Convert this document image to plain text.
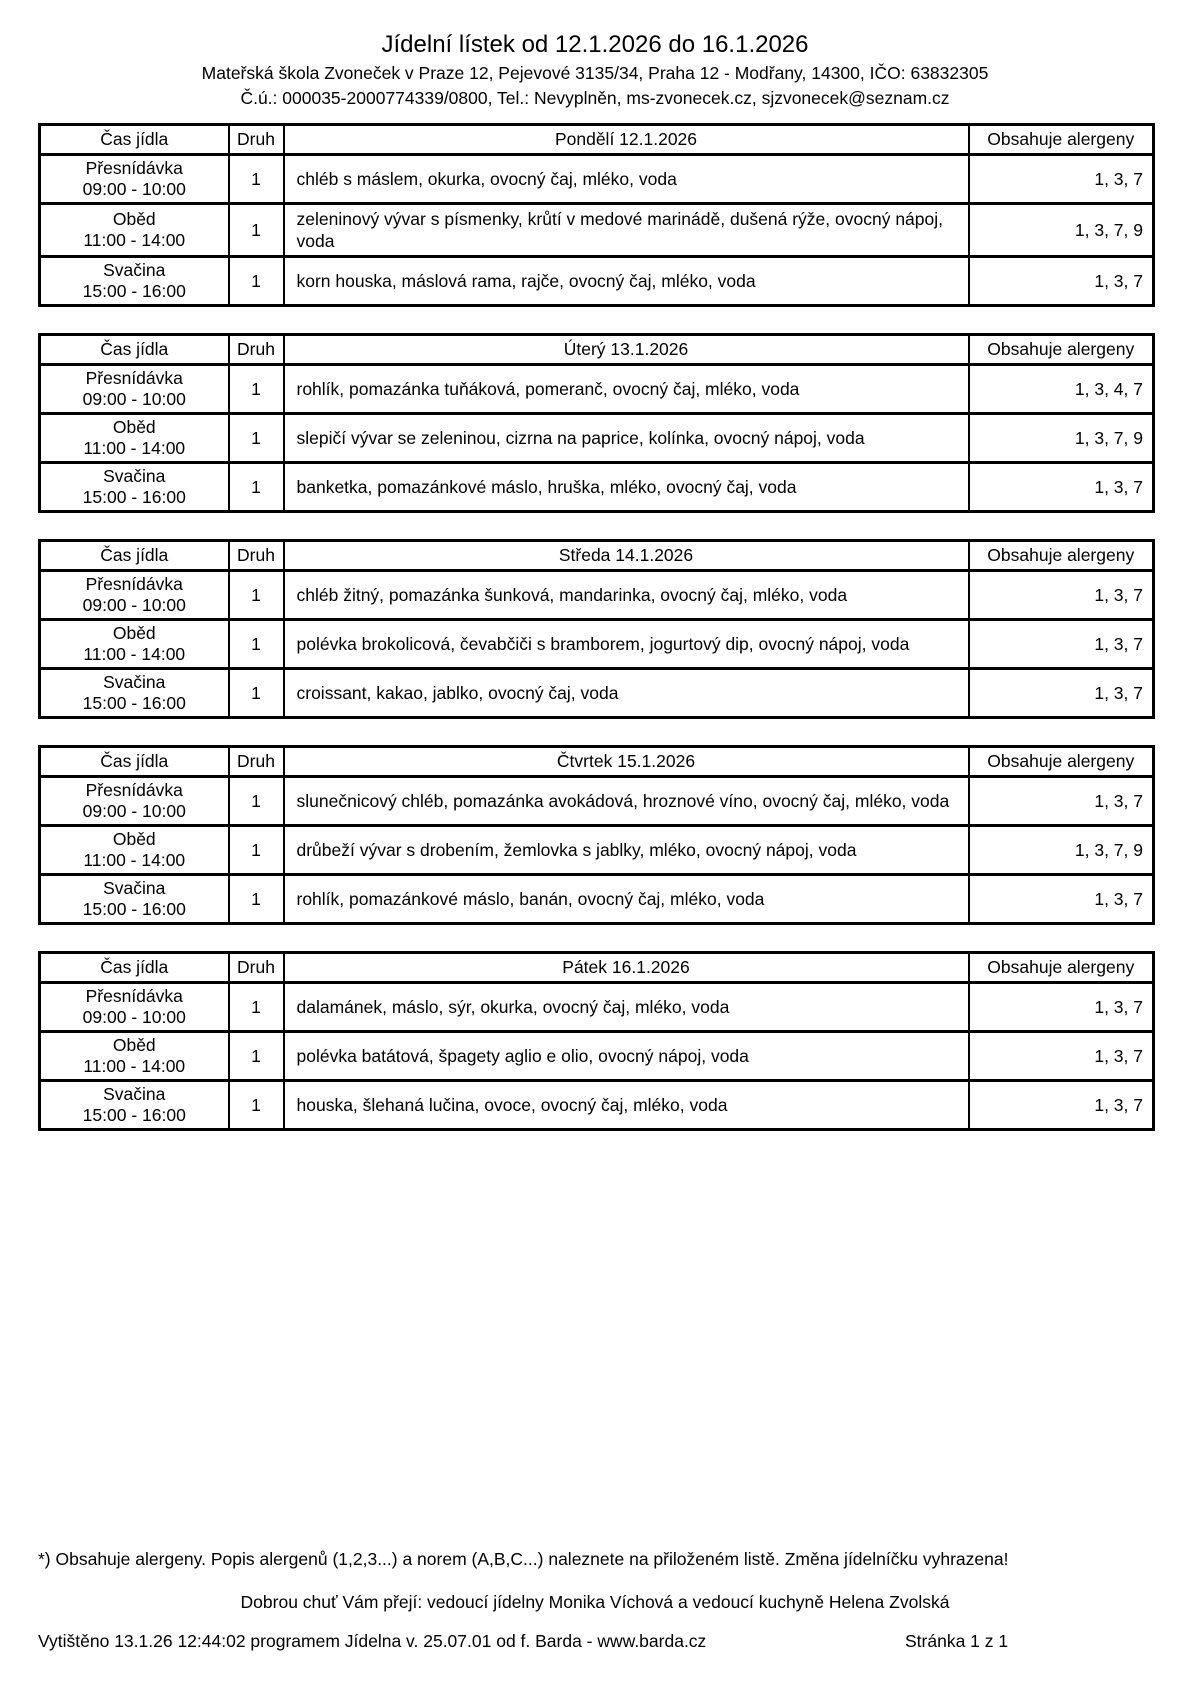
Jídelní lístek od 12.1.2026 do 16.1.2026
Mateřská škola Zvoneček v Praze 12, Pejevové 3135/34, Praha 12 - Modřany, 14300, IČO: 63832305
Č.ú.: 000035-2000774339/0800, Tel.: Nevyplněn, ms-zvonecek.cz, sjzvonecek@seznam.cz
Čas jídla	Druh	Pondělí 12.1.2026	Obsahuje alergeny

Přesnídávka
09:00 - 10:00	1	chléb s máslem, okurka, ovocný čaj, mléko, voda	1, 3, 7

Oběd
11:00 - 14:00	1	zeleninový vývar s písmenky, krůtí v medové marinádě, dušená rýže, ovocný nápoj, voda	1, 3, 7, 9

Svačina
15:00 - 16:00	1	korn houska, máslová rama, rajče, ovocný čaj, mléko, voda	1, 3, 7
Čas jídla	Druh	Úterý 13.1.2026	Obsahuje alergeny

Přesnídávka
09:00 - 10:00	1	rohlík, pomazánka tuňáková, pomeranč, ovocný čaj, mléko, voda	1, 3, 4, 7

Oběd
11:00 - 14:00	1	slepičí vývar se zeleninou, cizrna na paprice, kolínka, ovocný nápoj, voda	1, 3, 7, 9

Svačina
15:00 - 16:00	1	banketka, pomazánkové máslo, hruška, mléko, ovocný čaj, voda	1, 3, 7
Čas jídla	Druh	Středa 14.1.2026	Obsahuje alergeny

Přesnídávka
09:00 - 10:00	1	chléb žitný, pomazánka šunková, mandarinka, ovocný čaj, mléko, voda	1, 3, 7

Oběd
11:00 - 14:00	1	polévka brokolicová, čevabčiči s bramborem, jogurtový dip, ovocný nápoj, voda	1, 3, 7

Svačina
15:00 - 16:00	1	croissant, kakao, jablko, ovocný čaj, voda	1, 3, 7
Čas jídla	Druh	Čtvrtek 15.1.2026	Obsahuje alergeny

Přesnídávka
09:00 - 10:00	1	slunečnicový chléb, pomazánka avokádová, hroznové víno, ovocný čaj, mléko, voda	1, 3, 7

Oběd
11:00 - 14:00	1	drůbeží vývar s drobením, žemlovka s jablky, mléko, ovocný nápoj, voda	1, 3, 7, 9

Svačina
15:00 - 16:00	1	rohlík, pomazánkové máslo, banán, ovocný čaj, mléko, voda	1, 3, 7
Čas jídla	Druh	Pátek 16.1.2026	Obsahuje alergeny

Přesnídávka
09:00 - 10:00	1	dalamánek, máslo, sýr, okurka, ovocný čaj, mléko, voda	1, 3, 7

Oběd
11:00 - 14:00	1	polévka batátová, špagety aglio e olio, ovocný nápoj, voda	1, 3, 7

Svačina
15:00 - 16:00	1	houska, šlehaná lučina, ovoce, ovocný čaj, mléko, voda	1, 3, 7
*) Obsahuje alergeny. Popis alergenů (1,2,3...) a norem (A,B,C...) naleznete na přiloženém listě. Změna jídelníčku vyhrazena!
Dobrou chuť Vám přejí: vedoucí jídelny Monika Víchová a vedoucí kuchyně Helena Zvolská
Vytištěno 13.1.26 12:44:02 programem Jídelna v. 25.07.01 od f. Barda - www.barda.cz	Stránka 1 z 1
